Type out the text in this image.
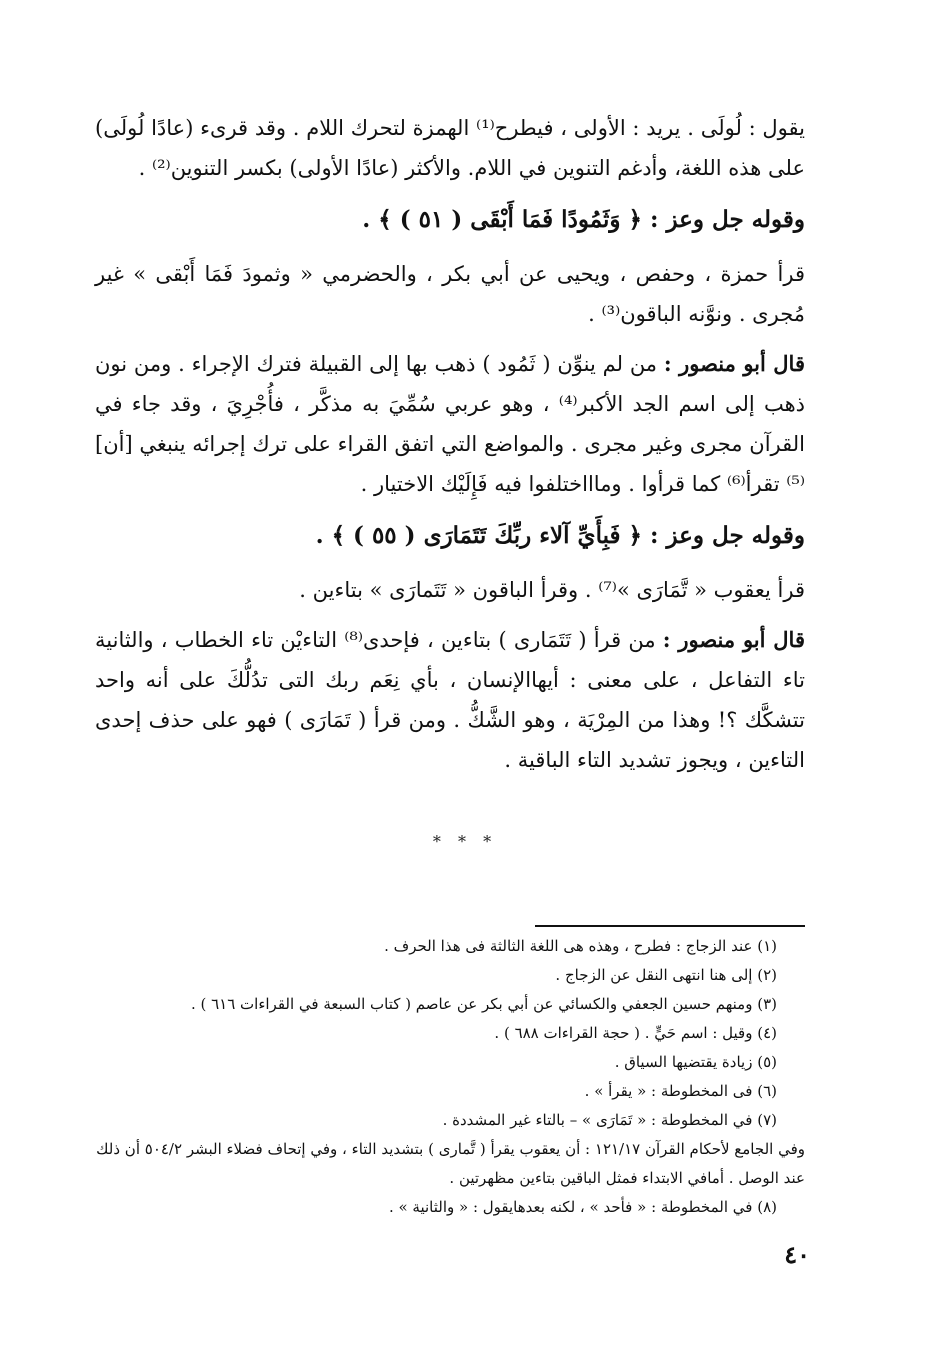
يقول : لُولَى . يريد : الأولى ، فيطرح⁽¹⁾ الهمزة لتحرك اللام . وقد قرىء (عادًا لُولَى) على هذه اللغة، وأدغم التنوين في اللام. والأكثر (عادًا الأولى) بكسر التنوين⁽²⁾ .

وقوله جل وعز : ﴿ وَثَمُودًا فَمَا أَبْقَى ( ٥١ ) ﴾ .

قرأ حمزة ، وحفص ، ويحيى عن أبي بكر ، والحضرمي « وثمودَ فَمَا أَبْقى » غير مُجرى . ونوَّنه الباقون⁽³⁾ .

قال أبو منصور : من لم ينوِّن ( ثَمُود ) ذهب بها إلى القبيلة فترك الإجراء . ومن نون ذهب إلى اسم الجد الأكبر⁽⁴⁾ ، وهو عربي سُمِّيَ به مذكَّر ، فأُجْرِيَ ، وقد جاء في القرآن مجرى وغير مجرى . والمواضع التي اتفق القراء على ترك إجرائه ينبغي [أن]⁽⁵⁾ تقرأ⁽⁶⁾ كما قرأوا . وماااختلفوا فيه فَإِلَيْك الاختيار .

وقوله جل وعز : ﴿ فَبِأَيِّ آلاء ربِّكَ تَتَمَارَى ( ٥٥ ) ﴾ .

قرأ يعقوب « تَّمَارَى »⁽⁷⁾ . وقرأ الباقون « تَتَمارَى » بتاءين .

قال أبو منصور : من قرأ ( تَتَمَارى ) بتاءين ، فإحدى⁽⁸⁾ التاءيْن تاء الخطاب ، والثانية تاء التفاعل ، على معنى : أيهاالإنسان ، بأي نِعَم ربك التى تدُلُّكَ على أنه واحد تتشكَّك ؟! وهذا من المِرْيَة ، وهو الشَّكُّ . ومن قرأ ( تَمَارَى ) فهو على حذف إحدى التاءين ، ويجوز تشديد التاء الباقية .

* * *

(١) عند الزجاج : فطرح ، وهذه هى اللغة الثالثة فى هذا الحرف .

(٢) إلى هنا انتهى النقل عن الزجاج .

(٣) ومنهم حسين الجعفي والكسائي عن أبي بكر عن عاصم ( كتاب السبعة في القراءات ٦١٦ ) .

(٤) وقيل : اسم حَيٍّ . ( حجة القراءات ٦٨٨ ) .

(٥) زيادة يقتضيها السياق .

(٦) فى المخطوطة : « يقرأ » .

(٧) في المخطوطة : « تَمَارَى » – بالتاء غير المشددة .

وفي الجامع لأحكام القرآن ١٢١/١٧ : أن يعقوب يقرأ ( تَّمارى ) بتشديد التاء ، وفي إتحاف فضلاء البشر ٥٠٤/٢ أن ذلك عند الوصل . أمافي الابتداء فمثل الباقين بتاءين مظهرتين .

(٨) في المخطوطة : « فأحد » ، لكنه بعدهايقول : « والثانية » .

٤٠
